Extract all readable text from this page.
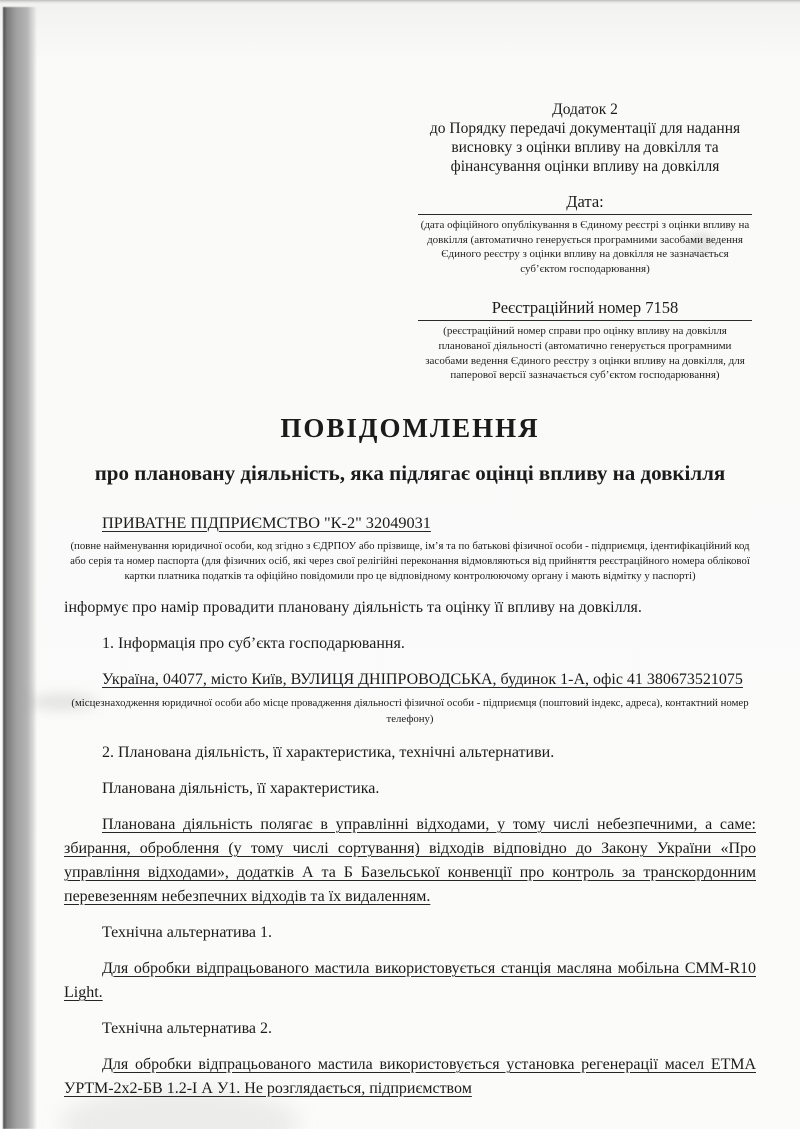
Додаток 2
до Порядку передачі документації для надання висновку з оцінки впливу на довкілля та фінансування оцінки впливу на довкілля
Дата:
(дата офіційного опублікування в Єдиному реєстрі з оцінки впливу на довкілля (автоматично генерується програмними засобами ведення Єдиного реєстру з оцінки впливу на довкілля не зазначається суб’єктом господарювання)
Реєстраційний номер 7158
(реєстраційний номер справи про оцінку впливу на довкілля планованої діяльності (автоматично генерується програмними засобами ведення Єдиного реєстру з оцінки впливу на довкілля, для паперової версії зазначається суб’єктом господарювання)
ПОВІДОМЛЕННЯ
про плановану діяльність, яка підлягає оцінці впливу на довкілля

ПРИВАТНЕ ПІДПРИЄМСТВО "К-2" 32049031

(повне найменування юридичної особи, код згідно з ЄДРПОУ або прізвище, ім’я та по батькові фізичної особи - підприємця, ідентифікаційний код або серія та номер паспорта (для фізичних осіб, які через свої релігійні переконання відмовляються від прийняття реєстраційного номера облікової картки платника податків та офіційно повідомили про це відповідному контролюючому органу і мають відмітку у паспорті)

інформує про намір провадити плановану діяльність та оцінку її впливу на довкілля.

1. Інформація про суб’єкта господарювання.

Україна, 04077, місто Київ, ВУЛИЦЯ ДНІПРОВОДСЬКА, будинок 1-А, офіс 41 380673521075

(місцезнаходження юридичної особи або місце провадження діяльності фізичної особи - підприємця (поштовий індекс, адреса), контактний номер телефону)

2. Планована діяльність, її характеристика, технічні альтернативи.

Планована діяльність, її характеристика.

Планована діяльність полягає в управлінні відходами, у тому числі небезпечними, а саме: збирання, оброблення (у тому числі сортування) відходів відповідно до Закону України «Про управління відходами», додатків А та Б Базельської конвенції про контроль за транскордонним перевезенням небезпечних відходів та їх видаленням.

Технічна альтернатива 1.

Для обробки відпрацьованого мастила використовується станція масляна мобільна СММ-R10 Light.

Технічна альтернатива 2.

Для обробки відпрацьованого мастила використовується установка регенерації масел ЕТМА УРТМ-2х2-БВ 1.2-І А У1. Не розглядається, підприємством
